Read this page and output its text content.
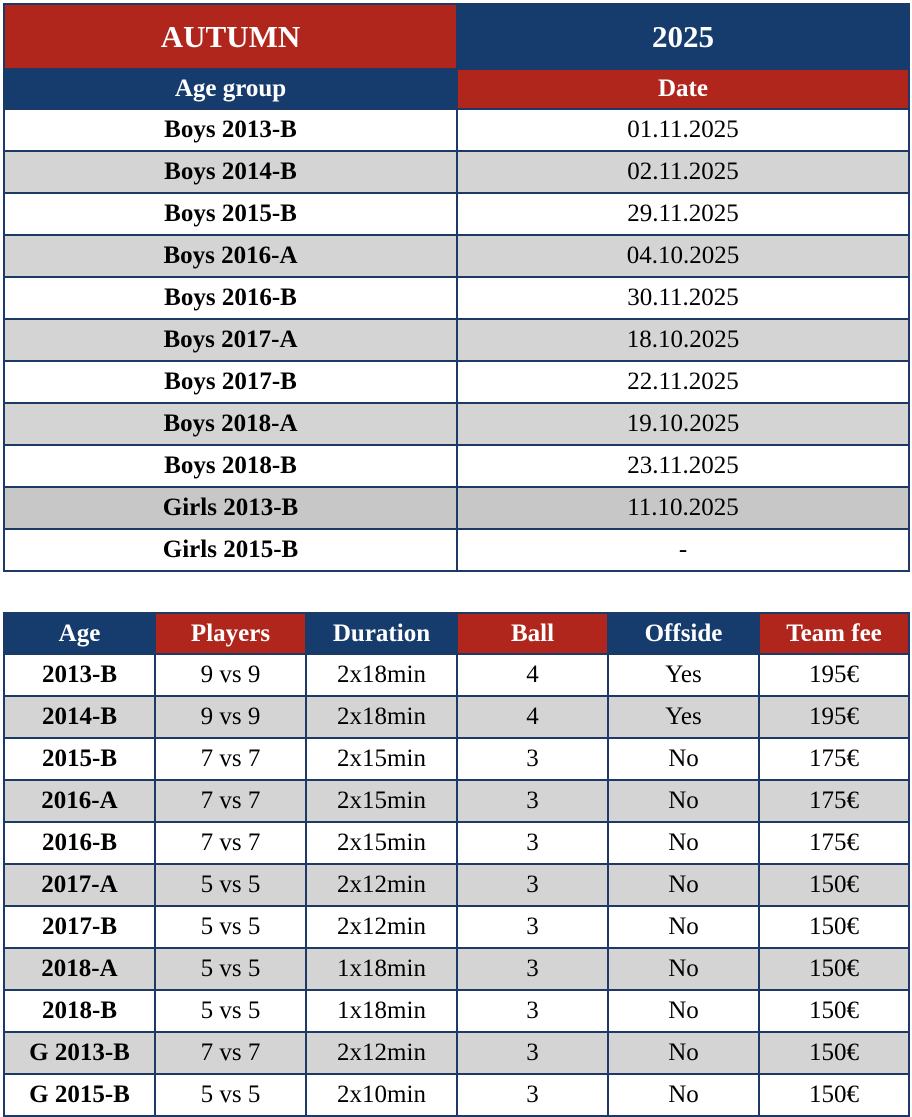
AUTUMN	2025
Age group	Date
Boys 2013-B	01.11.2025
Boys 2014-B	02.11.2025
Boys 2015-B	29.11.2025
Boys 2016-A	04.10.2025
Boys 2016-B	30.11.2025
Boys 2017-A	18.10.2025
Boys 2017-B	22.11.2025
Boys 2018-A	19.10.2025
Boys 2018-B	23.11.2025
Girls 2013-B	11.10.2025
Girls 2015-B	-
Age	Players	Duration	Ball	Offside	Team fee
2013-B	9 vs 9	2x18min	4	Yes	195€
2014-B	9 vs 9	2x18min	4	Yes	195€
2015-B	7 vs 7	2x15min	3	No	175€
2016-A	7 vs 7	2x15min	3	No	175€
2016-B	7 vs 7	2x15min	3	No	175€
2017-A	5 vs 5	2x12min	3	No	150€
2017-B	5 vs 5	2x12min	3	No	150€
2018-A	5 vs 5	1x18min	3	No	150€
2018-B	5 vs 5	1x18min	3	No	150€
G 2013-B	7 vs 7	2x12min	3	No	150€
G 2015-B	5 vs 5	2x10min	3	No	150€
